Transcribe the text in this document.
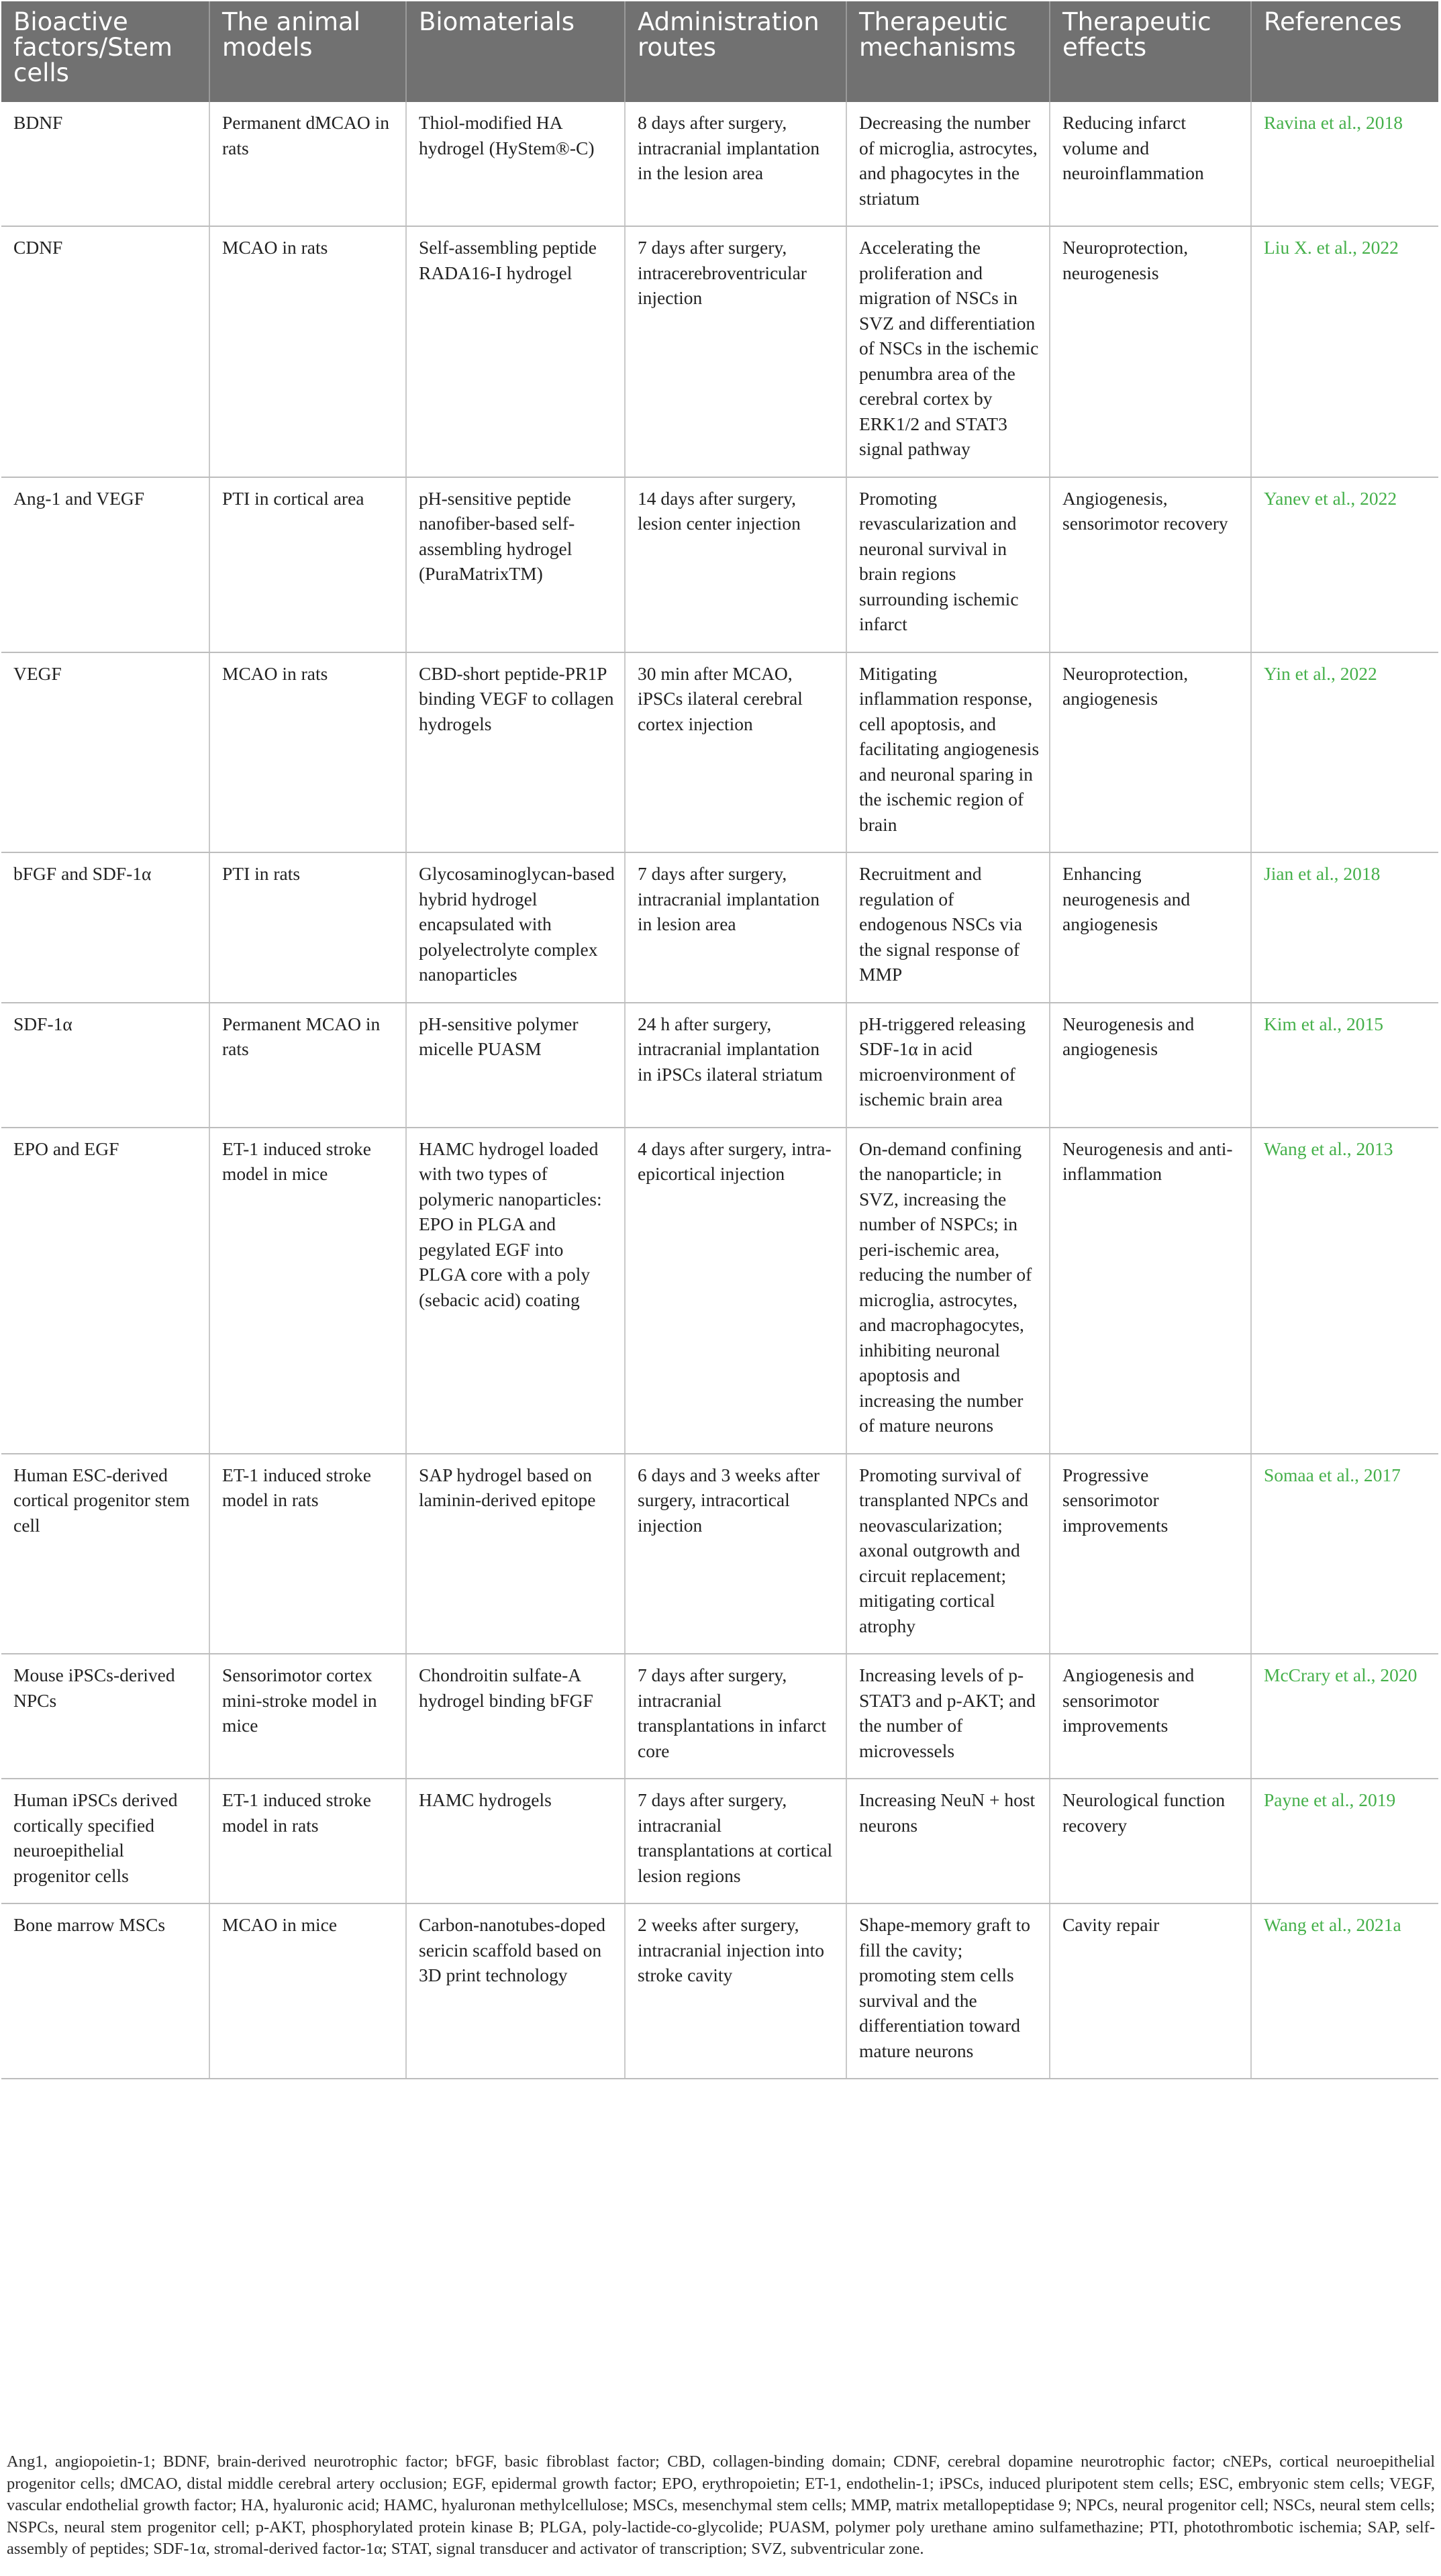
Bioactive factors/Stem cells	The animal models	Biomaterials	Administration routes	Therapeutic mechanisms	Therapeutic effects	References
BDNF	Permanent dMCAO in rats	Thiol-modified HA hydrogel (HyStem®-C)	8 days after surgery, intracranial implantation in the lesion area	Decreasing the number of microglia, astrocytes, and phagocytes in the striatum	Reducing infarct volume and neuroinflammation	Ravina et al., 2018
CDNF	MCAO in rats	Self-assembling peptide RADA16-I hydrogel	7 days after surgery, intracerebroventricular injection	Accelerating the proliferation and migration of NSCs in SVZ and differentiation of NSCs in the ischemic penumbra area of the cerebral cortex by ERK1/2 and STAT3 signal pathway	Neuroprotection, neurogenesis	Liu X. et al., 2022
Ang-1 and VEGF	PTI in cortical area	pH-sensitive peptide nanofiber-based self-assembling hydrogel (PuraMatrixTM)	14 days after surgery, lesion center injection	Promoting revascularization and neuronal survival in brain regions surrounding ischemic infarct	Angiogenesis, sensorimotor recovery	Yanev et al., 2022
VEGF	MCAO in rats	CBD-short peptide-PR1P binding VEGF to collagen hydrogels	30 min after MCAO, iPSCs ilateral cerebral cortex injection	Mitigating inflammation response, cell apoptosis, and facilitating angiogenesis and neuronal sparing in the ischemic region of brain	Neuroprotection, angiogenesis	Yin et al., 2022
bFGF and SDF-1α	PTI in rats	Glycosaminoglycan-based hybrid hydrogel encapsulated with polyelectrolyte complex nanoparticles	7 days after surgery, intracranial implantation in lesion area	Recruitment and regulation of endogenous NSCs via the signal response of MMP	Enhancing neurogenesis and angiogenesis	Jian et al., 2018
SDF-1α	Permanent MCAO in rats	pH-sensitive polymer micelle PUASM	24 h after surgery, intracranial implantation in iPSCs ilateral striatum	pH-triggered releasing SDF-1α in acid microenvironment of ischemic brain area	Neurogenesis and angiogenesis	Kim et al., 2015
EPO and EGF	ET-1 induced stroke model in mice	HAMC hydrogel loaded with two types of polymeric nanoparticles: EPO in PLGA and pegylated EGF into PLGA core with a poly (sebacic acid) coating	4 days after surgery, intra-epicortical injection	On-demand confining the nanoparticle; in SVZ, increasing the number of NSPCs; in peri-ischemic area, reducing the number of microglia, astrocytes, and macrophagocytes, inhibiting neuronal apoptosis and increasing the number of mature neurons	Neurogenesis and anti-inflammation	Wang et al., 2013
Human ESC-derived cortical progenitor stem cell	ET-1 induced stroke model in rats	SAP hydrogel based on laminin-derived epitope	6 days and 3 weeks after surgery, intracortical injection	Promoting survival of transplanted NPCs and neovascularization; axonal outgrowth and circuit replacement; mitigating cortical atrophy	Progressive sensorimotor improvements	Somaa et al., 2017
Mouse iPSCs-derived NPCs	Sensorimotor cortex mini-stroke model in mice	Chondroitin sulfate-A hydrogel binding bFGF	7 days after surgery, intracranial transplantations in infarct core	Increasing levels of p-STAT3 and p-AKT; and the number of microvessels	Angiogenesis and sensorimotor improvements	McCrary et al., 2020
Human iPSCs derived cortically specified neuroepithelial progenitor cells	ET-1 induced stroke model in rats	HAMC hydrogels	7 days after surgery, intracranial transplantations at cortical lesion regions	Increasing NeuN + host neurons	Neurological function recovery	Payne et al., 2019
Bone marrow MSCs	MCAO in mice	Carbon-nanotubes-doped sericin scaffold based on 3D print technology	2 weeks after surgery, intracranial injection into stroke cavity	Shape-memory graft to fill the cavity; promoting stem cells survival and the differentiation toward mature neurons	Cavity repair	Wang et al., 2021a
Ang1, angiopoietin-1; BDNF, brain-derived neurotrophic factor; bFGF, basic fibroblast factor; CBD, collagen-binding domain; CDNF, cerebral dopamine neurotrophic factor; cNEPs, cortical neuroepithelial progenitor cells; dMCAO, distal middle cerebral artery occlusion; EGF, epidermal growth factor; EPO, erythropoietin; ET-1, endothelin-1; iPSCs, induced pluripotent stem cells; ESC, embryonic stem cells; VEGF, vascular endothelial growth factor; HA, hyaluronic acid; HAMC, hyaluronan methylcellulose; MSCs, mesenchymal stem cells; MMP, matrix metallopeptidase 9; NPCs, neural progenitor cell; NSCs, neural stem cells; NSPCs, neural stem progenitor cell; p-AKT, phosphorylated protein kinase B; PLGA, poly-lactide-co-glycolide; PUASM, polymer poly urethane amino sulfamethazine; PTI, photothrombotic ischemia; SAP, self-assembly of peptides; SDF-1α, stromal-derived factor-1α; STAT, signal transducer and activator of transcription; SVZ, subventricular zone.
